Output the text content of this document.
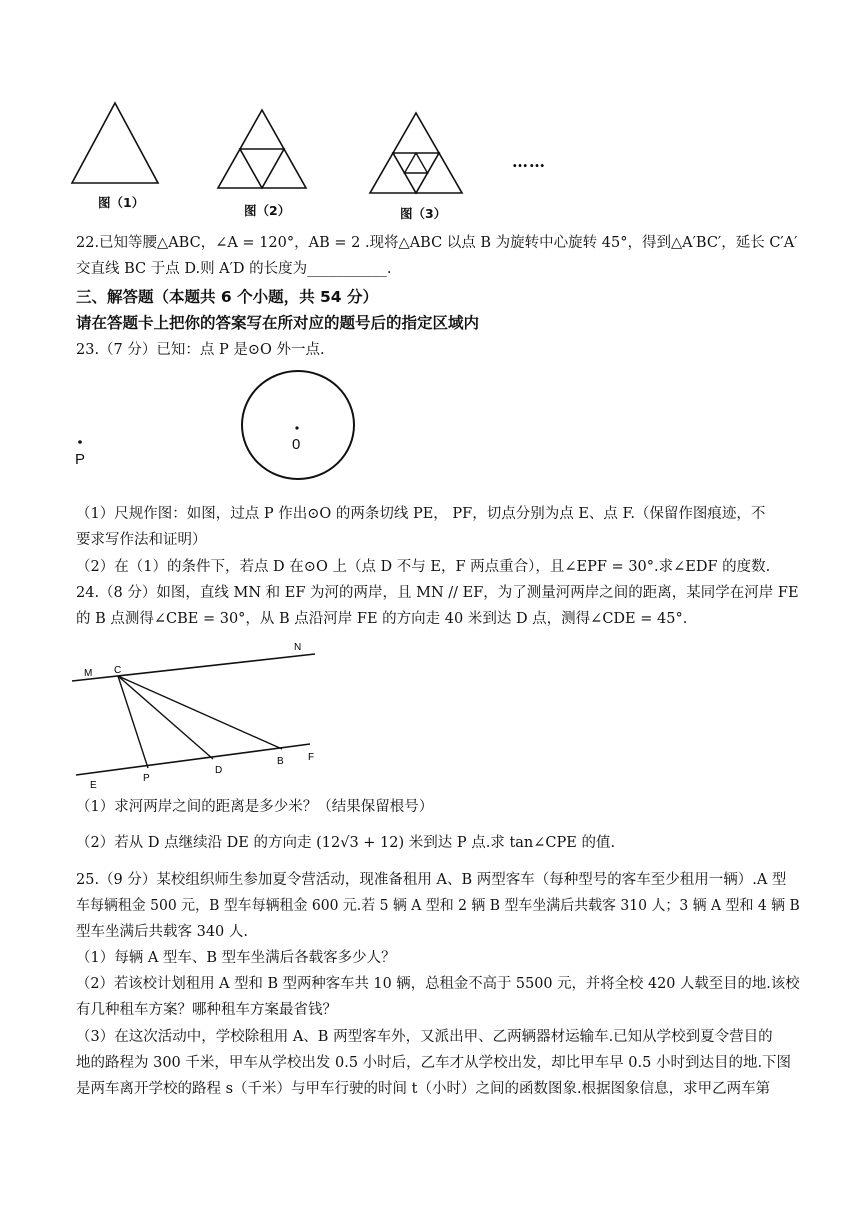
图（1）
图（2）	图（3）
……
22.已知等腰△ABC，∠A = 120°，AB = 2 .现将△ABC 以点 B 为旋转中心旋转 45°，得到△A′BC′，延长 C′A′
交直线 BC 于点 D.则 A′D 的长度为___________.
三、解答题（本题共 6 个小题，共 54 分）
请在答题卡上把你的答案写在所对应的题号后的指定区域内
23.（7 分）已知：点 P 是⊙O 外一点.
P
0
（1）尺规作图：如图，过点 P 作出⊙O 的两条切线 PE， PF，切点分别为点 E、点 F.（保留作图痕迹，不
要求写作法和证明）
（2）在（1）的条件下，若点 D 在⊙O 上（点 D 不与 E，F 两点重合），且∠EPF = 30°.求∠EDF 的度数.
24.（8 分）如图，直线 MN 和 EF 为河的两岸，且 MN // EF，为了测量河两岸之间的距离，某同学在河岸 FE
的 B 点测得∠CBE = 30°，从 B 点沿河岸 FE 的方向走 40 米到达 D 点，测得∠CDE = 45°.
M C
N
E
P
D
B F
（1）求河两岸之间的距离是多少米？（结果保留根号）
（2）若从 D 点继续沿 DE 的方向走 (12√3 + 12) 米到达 P 点.求 tan∠CPE 的值.
25.（9 分）某校组织师生参加夏令营活动，现准备租用 A、B 两型客车（每种型号的客车至少租用一辆）.A 型
车每辆租金 500 元，B 型车每辆租金 600 元.若 5 辆 A 型和 2 辆 B 型车坐满后共载客 310 人；3 辆 A 型和 4 辆 B
型车坐满后共载客 340 人.
（1）每辆 A 型车、B 型车坐满后各载客多少人？
（2）若该校计划租用 A 型和 B 型两种客车共 10 辆，总租金不高于 5500 元，并将全校 420 人载至目的地.该校
有几种租车方案？哪种租车方案最省钱？
（3）在这次活动中，学校除租用 A、B 两型客车外，又派出甲、乙两辆器材运输车.已知从学校到夏令营目的
地的路程为 300 千米，甲车从学校出发 0.5 小时后，乙车才从学校出发，却比甲车早 0.5 小时到达目的地.下图
是两车离开学校的路程 s（千米）与甲车行驶的时间 t（小时）之间的函数图象.根据图象信息，求甲乙两车第
